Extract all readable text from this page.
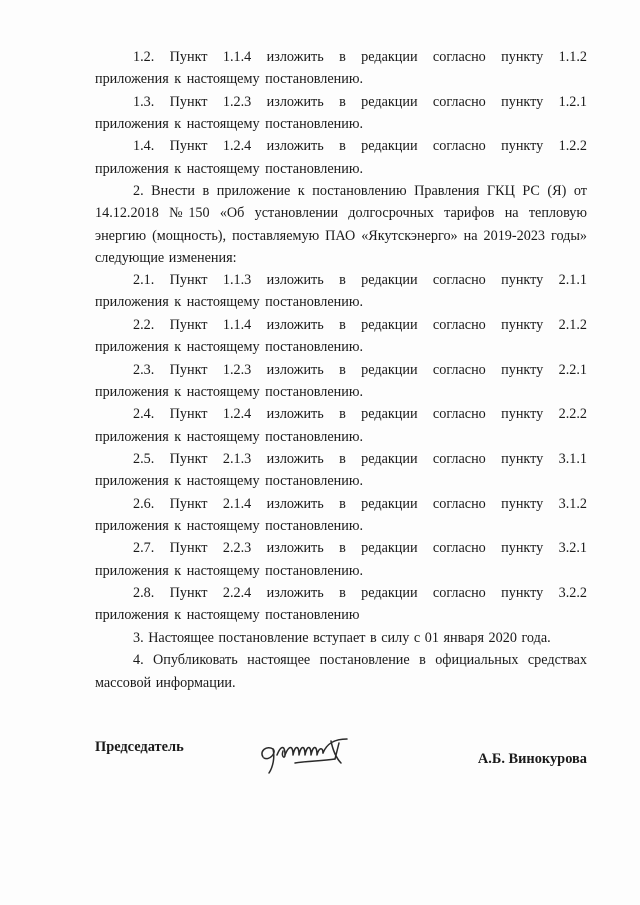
1.2. Пункт 1.1.4 изложить в редакции согласно пункту 1.1.2 приложения к настоящему постановлению.

1.3. Пункт 1.2.3 изложить в редакции согласно пункту 1.2.1 приложения к настоящему постановлению.

1.4. Пункт 1.2.4 изложить в редакции согласно пункту 1.2.2 приложения к настоящему постановлению.

2. Внести в приложение к постановлению Правления ГКЦ РС (Я) от 14.12.2018 №150 «Об установлении долгосрочных тарифов на тепловую энергию (мощность), поставляемую ПАО «Якутскэнерго» на 2019-2023 годы» следующие изменения:

2.1. Пункт 1.1.3 изложить в редакции согласно пункту 2.1.1 приложения к настоящему постановлению.

2.2. Пункт 1.1.4 изложить в редакции согласно пункту 2.1.2 приложения к настоящему постановлению.

2.3. Пункт 1.2.3 изложить в редакции согласно пункту 2.2.1 приложения к настоящему постановлению.

2.4. Пункт 1.2.4 изложить в редакции согласно пункту 2.2.2 приложения к настоящему постановлению.

2.5. Пункт 2.1.3 изложить в редакции согласно пункту 3.1.1 приложения к настоящему постановлению.

2.6. Пункт 2.1.4 изложить в редакции согласно пункту 3.1.2 приложения к настоящему постановлению.

2.7. Пункт 2.2.3 изложить в редакции согласно пункту 3.2.1 приложения к настоящему постановлению.

2.8. Пункт 2.2.4 изложить в редакции согласно пункту 3.2.2 приложения к настоящему постановлению

3. Настоящее постановление вступает в силу с 01 января 2020 года.

4. Опубликовать настоящее постановление в официальных средствах массовой информации.

Председатель
А.Б. Винокурова
